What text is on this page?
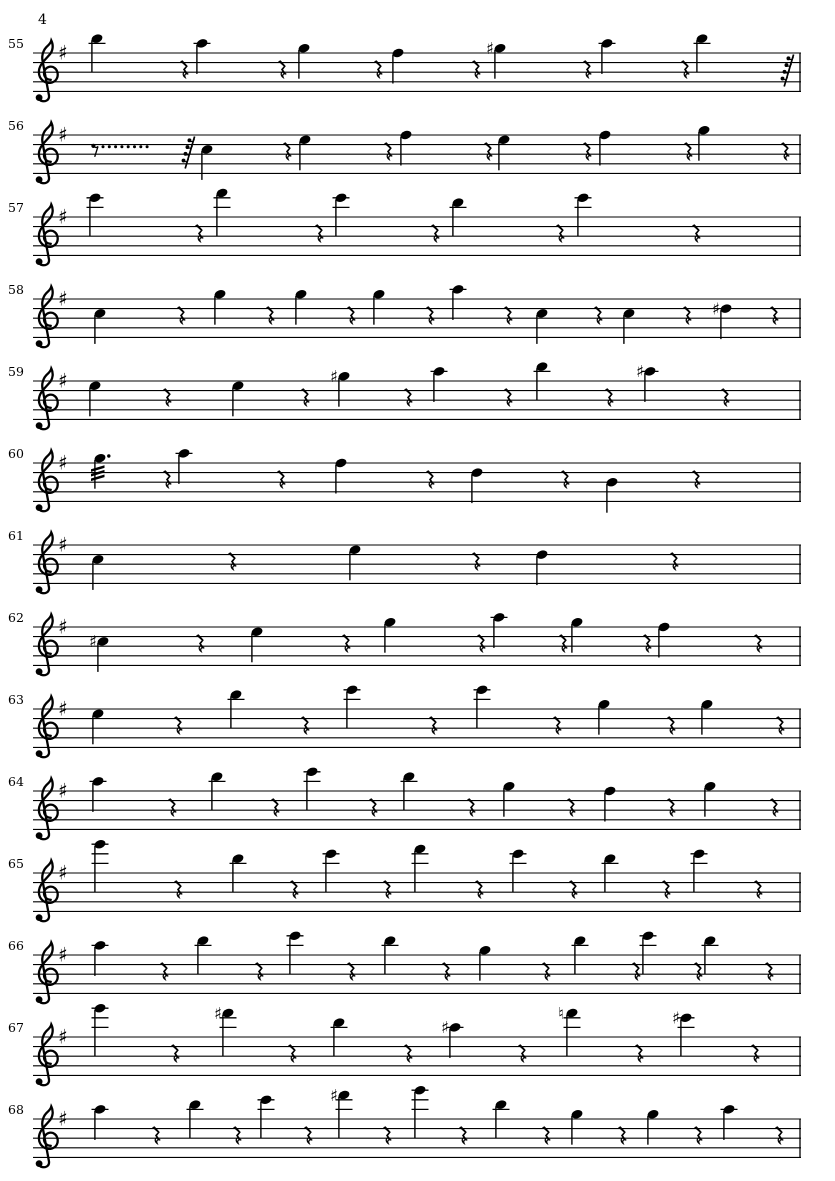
4
55 ♯	♯
56 ♯
57 ♯
58 ♯	♯
59 ♯	♯	♯
60 ♯
61 ♯
62 ♯
♯
63 ♯
64 ♯
65 ♯
66 ♯
67 ♯
♯
♯
♮	♯
68 ♯
♯
